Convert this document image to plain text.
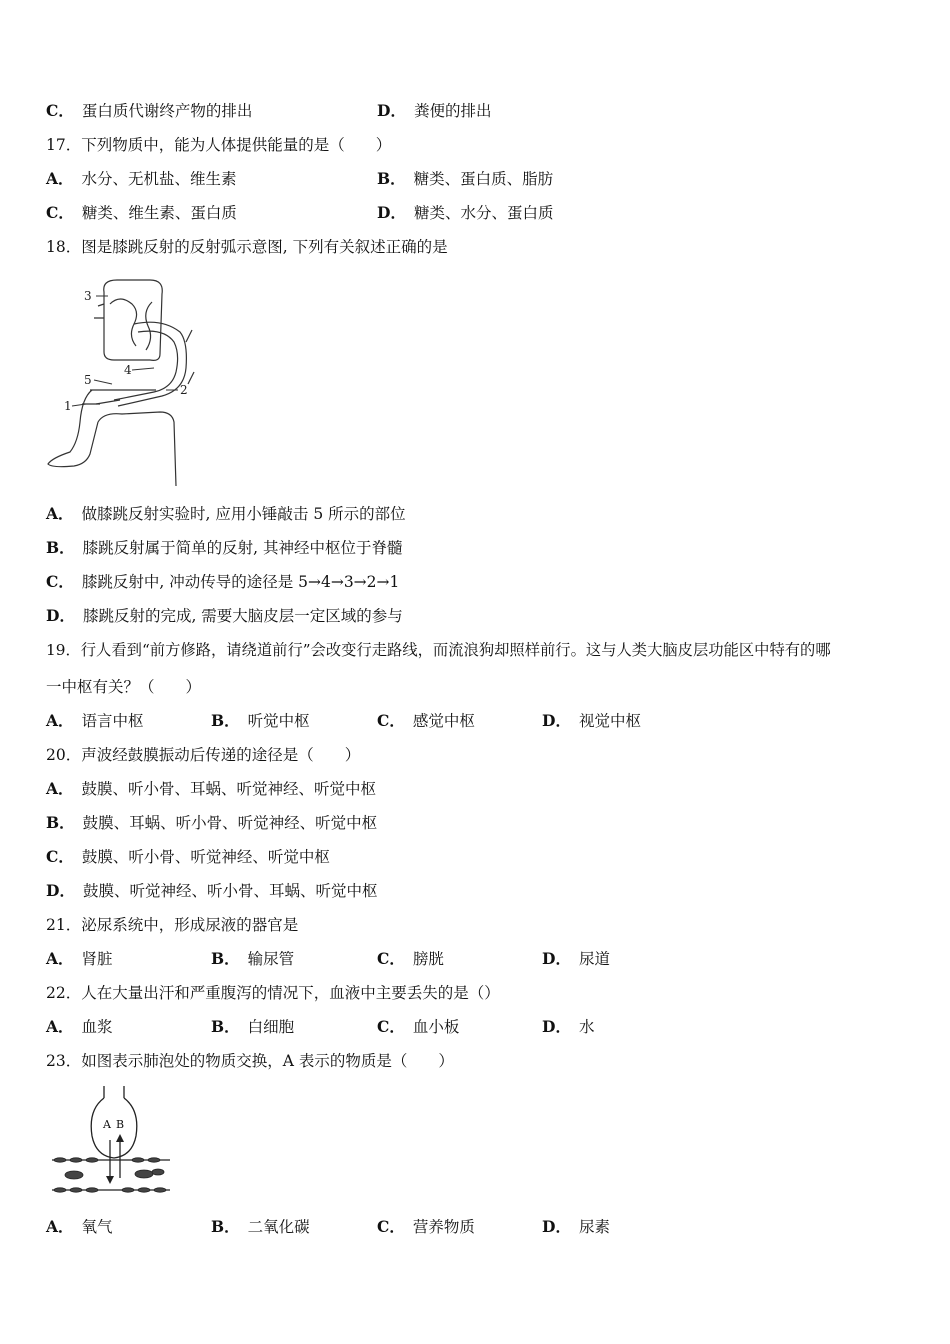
C． 蛋白质代谢终产物的排出	D． 粪便的排出
17．下列物质中，能为人体提供能量的是（　　）
A． 水分、无机盐、维生素	B． 糖类、蛋白质、脂肪
C． 糖类、维生素、蛋白质	D． 糖类、水分、蛋白质
18．图是膝跳反射的反射弧示意图, 下列有关叙述正确的是
3
4
5
2
1
A． 做膝跳反射实验时, 应用小锤敲击 5 所示的部位
B． 膝跳反射属于简单的反射, 其神经中枢位于脊髓
C． 膝跳反射中, 冲动传导的途径是 5→4→3→2→1
D． 膝跳反射的完成, 需要大脑皮层一定区域的参与
19．行人看到“前方修路，请绕道前行”会改变行走路线，而流浪狗却照样前行。这与人类大脑皮层功能区中特有的哪
一中枢有关？（　　）
A． 语言中枢	B． 听觉中枢	C． 感觉中枢	D． 视觉中枢
20．声波经鼓膜振动后传递的途径是（　　）
A． 鼓膜、听小骨、耳蜗、听觉神经、听觉中枢
B． 鼓膜、耳蜗、听小骨、听觉神经、听觉中枢
C． 鼓膜、听小骨、听觉神经、听觉中枢
D． 鼓膜、听觉神经、听小骨、耳蜗、听觉中枢
21．泌尿系统中，形成尿液的器官是
A． 肾脏	B． 输尿管	C． 膀胱	D． 尿道
22．人在大量出汗和严重腹泻的情况下，血液中主要丢失的是（）
A． 血浆	B． 白细胞	C． 血小板	D． 水
23．如图表示肺泡处的物质交换，A 表示的物质是（　　）
A B
A． 氧气	B． 二氧化碳	C． 营养物质	D． 尿素
